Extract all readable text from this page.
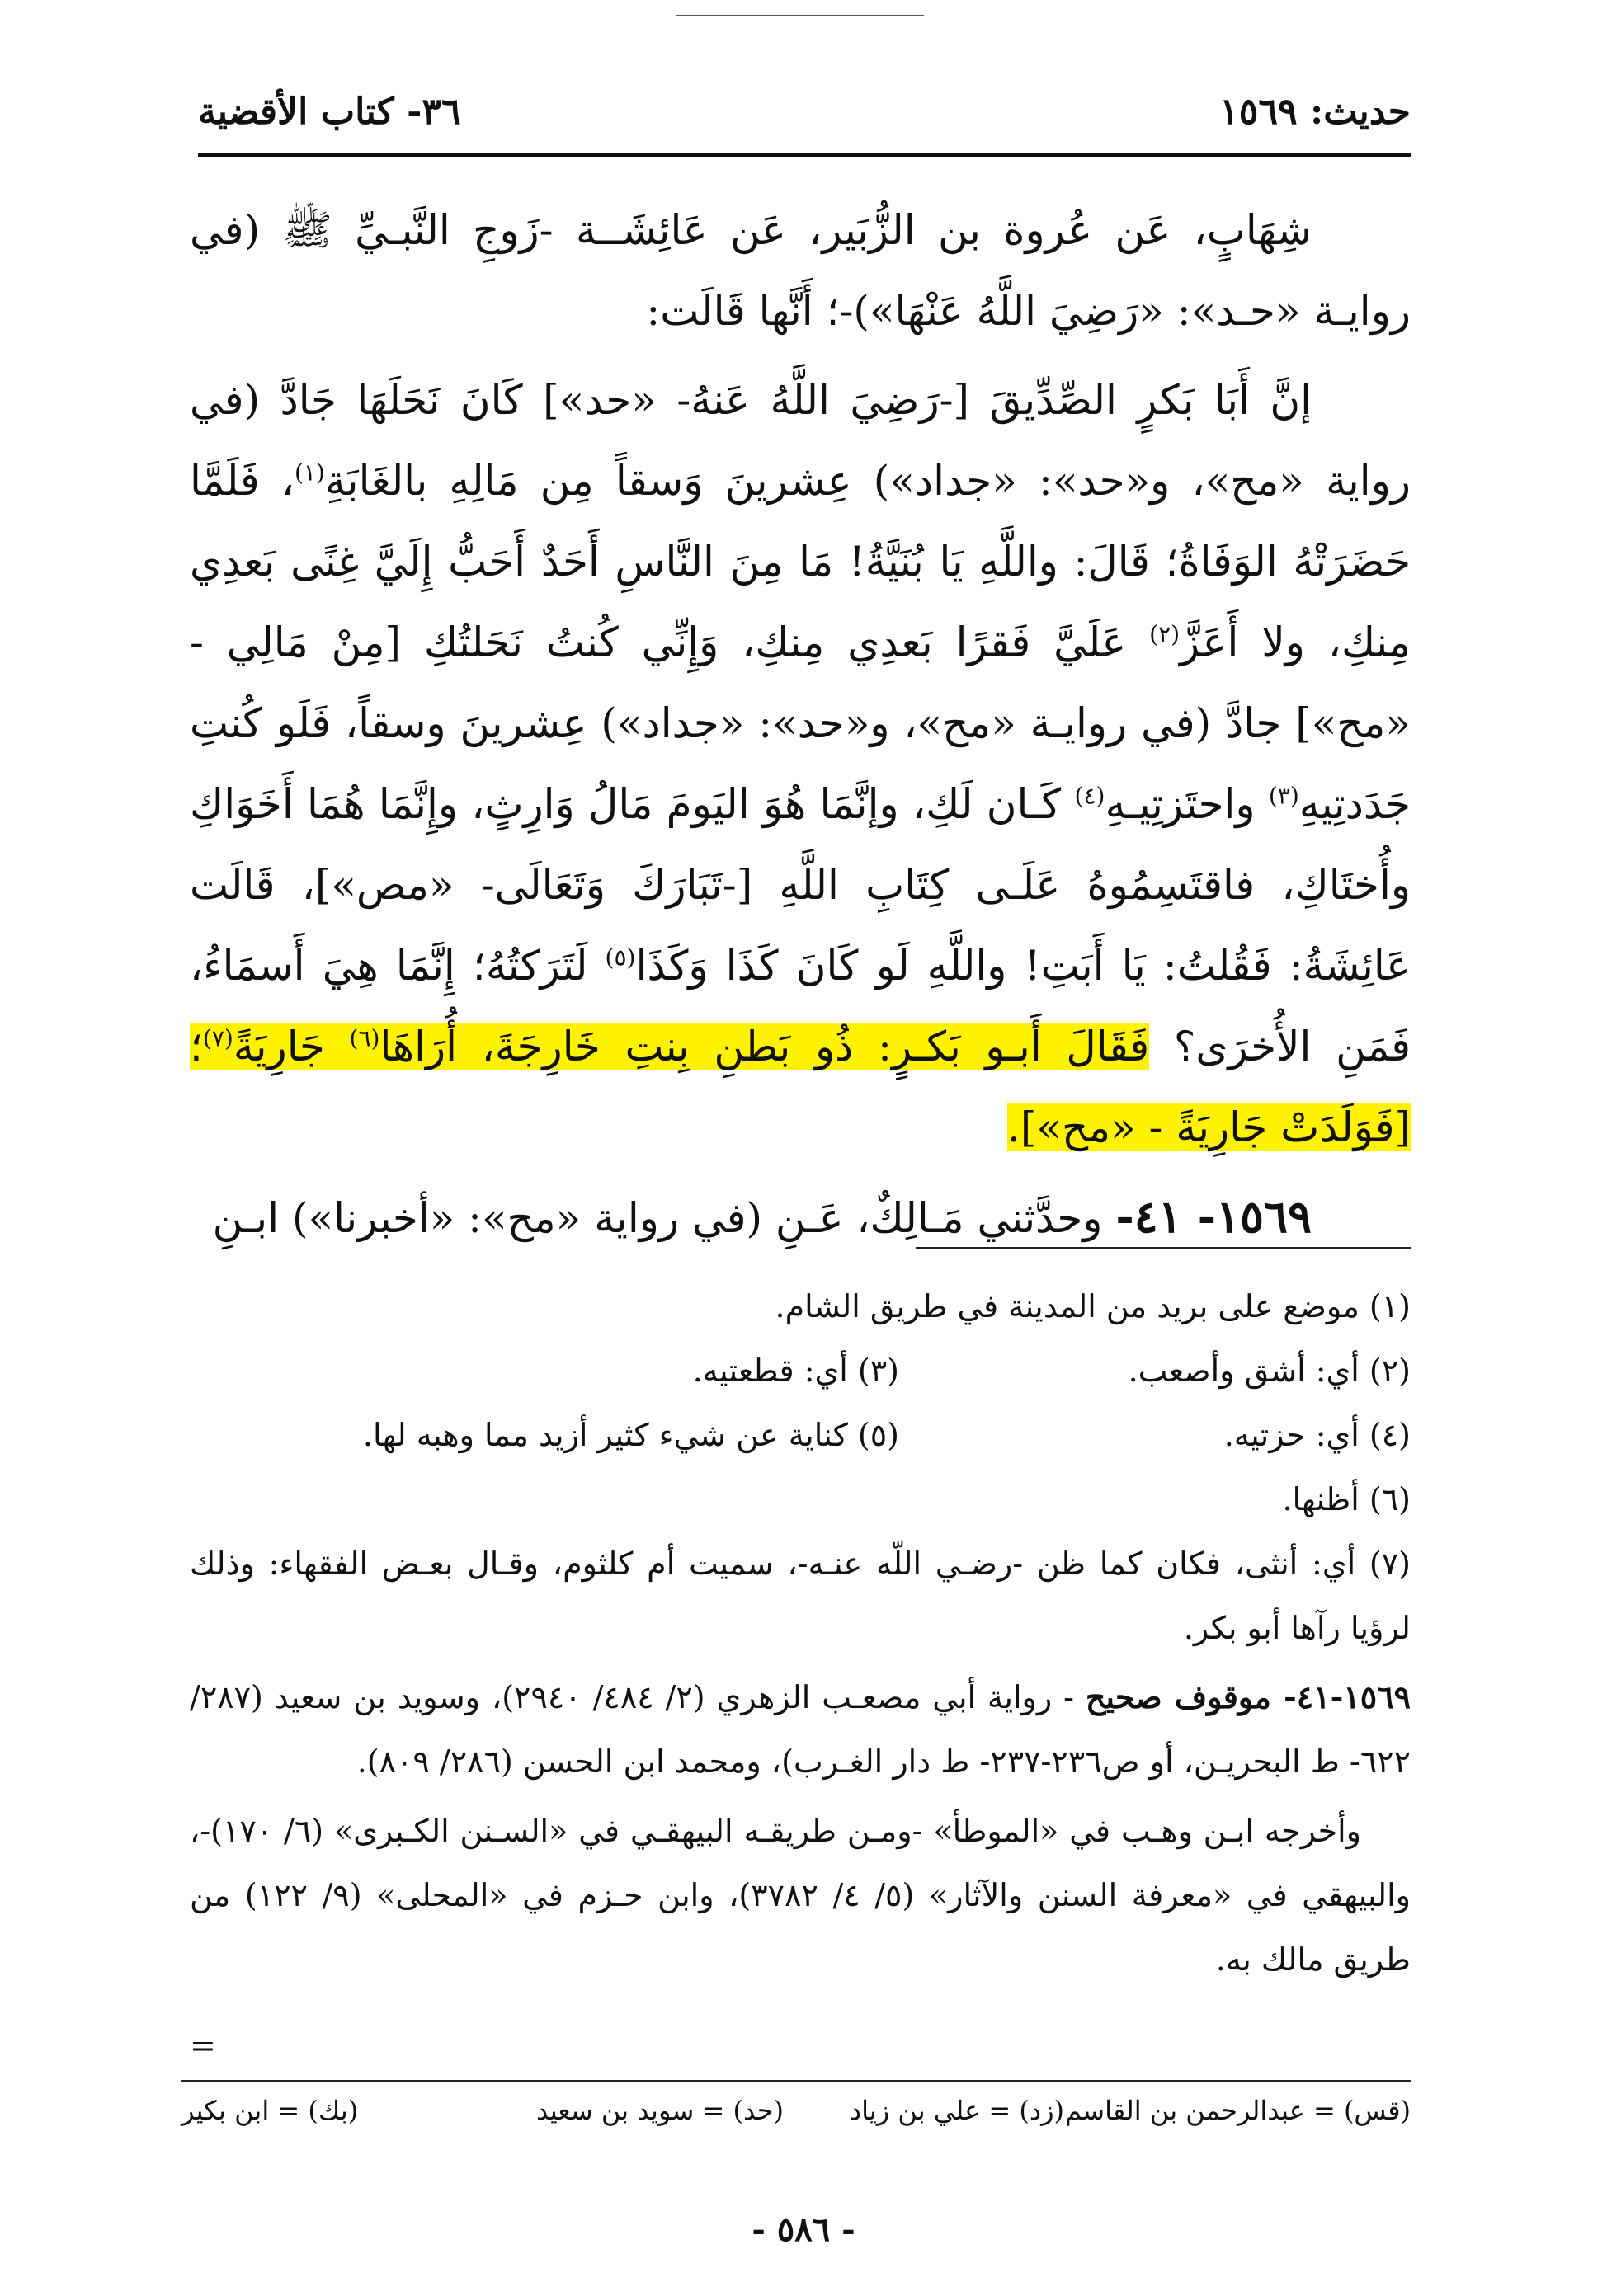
٣٦- كتاب الأقضية	حديث: ١٥٦٩

شِهَابٍ، عَن عُروة بن الزُّبَير، عَن عَائِشَــة -زَوجِ النَّبـيِّ ﷺ (في روايـة «حـد»: «رَضِيَ اللَّهُ عَنْهَا»)-؛ أَنَّها قَالَت:

إنَّ أَبَا بَكرٍ الصِّدِّيقَ [-رَضِيَ اللَّهُ عَنهُ- «حد»] كَانَ نَحَلَهَا جَادَّ (في رواية «مح»، و«حد»: «جداد») عِشرينَ وَسقاً مِن مَالِهِ بالغَابَةِ$^{(١)}$، فَلَمَّا حَضَرَتْهُ الوَفَاةُ؛ قَالَ: واللَّهِ يَا بُنَيَّةُ! مَا مِنَ النَّاسِ أَحَدٌ أَحَبُّ إِلَيَّ غِنًى بَعدِي مِنكِ، ولا أَعَزَّ$^{(٢)}$ عَلَيَّ فَقرًا بَعدِي مِنكِ، وَإِنِّي كُنتُ نَحَلتُكِ [مِنْ مَالِي - «مح»] جادَّ (في روايـة «مح»، و«حد»: «جداد») عِشرينَ وسقاً، فَلَو كُنتِ جَدَدتِيهِ$^{(٣)}$ واحتَزتِيـهِ$^{(٤)}$ كَـان لَكِ، وإنَّمَا هُوَ اليَومَ مَالُ وَارِثٍ، وإِنَّمَا هُمَا أَخَوَاكِ وأُختَاكِ، فاقتَسِمُوهُ عَلَـى كِتَابِ اللَّهِ [-تَبَارَكَ وَتَعَالَى- «مص»]، قَالَت عَائِشَةُ: فَقُلتُ: يَا أَبَتِ! واللَّهِ لَو كَانَ كَذَا وَكَذَا$^{(٥)}$ لَتَرَكتُهُ؛ إِنَّمَا هِيَ أَسمَاءُ، فَمَنِ الأُخرَى؟ فَقَالَ أَبـو بَكـرٍ: ذُو بَطنِ بِنتِ خَارِجَةَ، أُرَاهَا$^{(٦)}$ جَارِيَةً$^{(٧)}$؛ [فَوَلَدَتْ جَارِيَةً - «مح»].

١٥٦٩- ٤١- وحدَّثني مَـالِكٌ، عَـنِ (في رواية «مح»: «أخبرنا») ابـنِ

(١) موضع على بريد من المدينة في طريق الشام.
(٢) أي: أشق وأصعب.
(٣) أي: قطعتيه.
(٤) أي: حزتيه.
(٥) كناية عن شيء كثير أزيد مما وهبه لها.
(٦) أظنها.
(٧) أي: أنثى، فكان كما ظن -رضـي اللّه عنـه-، سميت أم كلثوم، وقـال بعـض الفقهاء: وذلك لرؤيا رآها أبو بكر.
١٥٦٩-٤١- موقوف صحيح - رواية أبي مصعـب الزهري (٢/ ٤٨٤/ ٢٩٤٠)، وسويد بن سعيد (٢٨٧/ ٦٢٢- ط البحريـن، أو ص٢٣٦-٢٣٧- ط دار الغـرب)، ومحمد ابن الحسن (٢٨٦/ ٨٠٩).
وأخرجه ابـن وهـب في «الموطأ» -ومـن طريقـه البيهقـي في «السـنن الكـبرى» (٦/ ١٧٠)-، والبيهقي في «معرفة السنن والآثار» (٥/ ٤/ ٣٧٨٢)، وابن حـزم في «المحلى» (٩/ ١٢٢) من طريق مالك به.
=
(قس) = عبدالرحمن بن القاسم
(زد) = علي بن زياد
(حد) = سويد بن سعيد
(بك) = ابن بكير
- ٥٨٦ -
